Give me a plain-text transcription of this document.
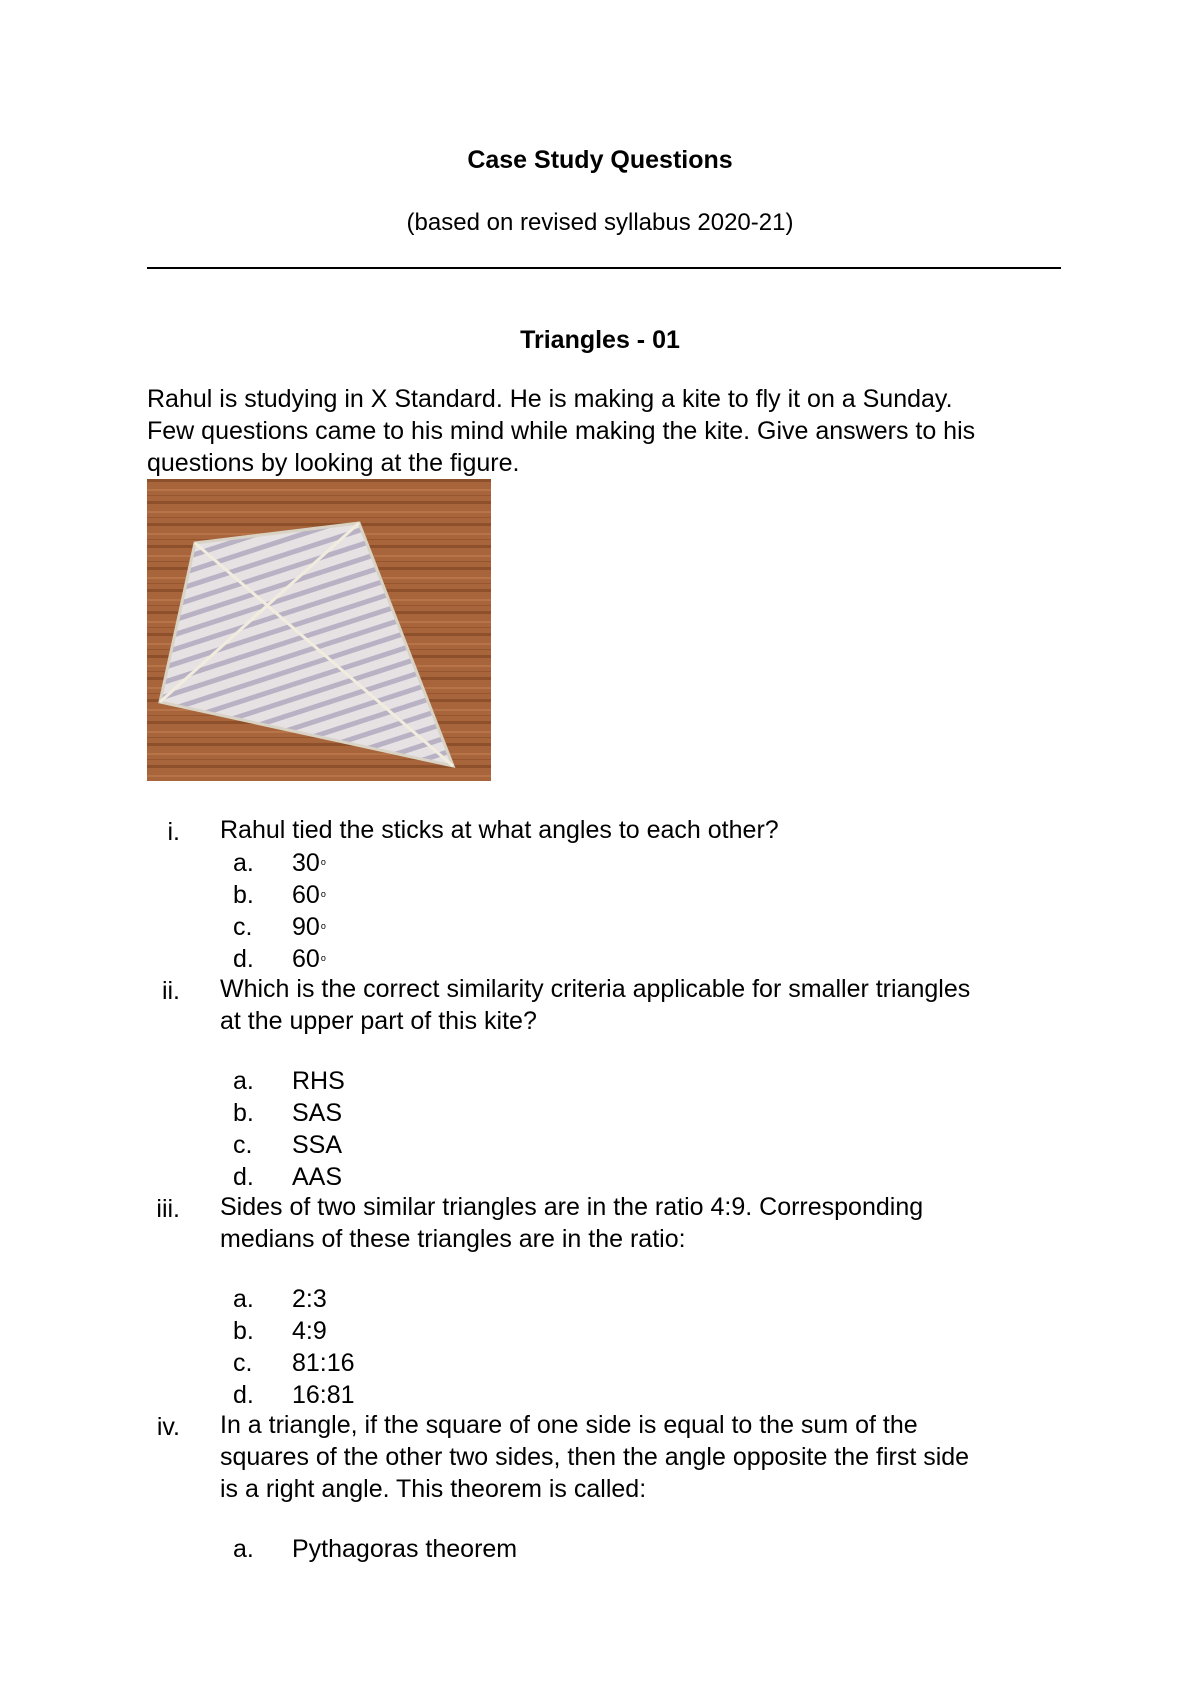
Case Study Questions
(based on revised syllabus 2020-21)
Triangles - 01

Rahul is studying in X Standard. He is making a kite to fly it on a Sunday.
Few questions came to his mind while making the kite. Give answers to his
questions by looking at the figure.

i. Rahul tied the sticks at what angles to each other?
a. 30$^o$
b. 60$^o$
c. 90$^o$
d. 60$^o$
ii. Which is the correct similarity criteria applicable for smaller triangles
at the upper part of this kite?
a. RHS
b. SAS
c. SSA
d. AAS
iii. Sides of two similar triangles are in the ratio 4:9. Corresponding
medians of these triangles are in the ratio:
a. 2:3
b. 4:9
c. 81:16
d. 16:81
iv. In a triangle, if the square of one side is equal to the sum of the
squares of the other two sides, then the angle opposite the first side
is a right angle. This theorem is called:
a. Pythagoras theorem
